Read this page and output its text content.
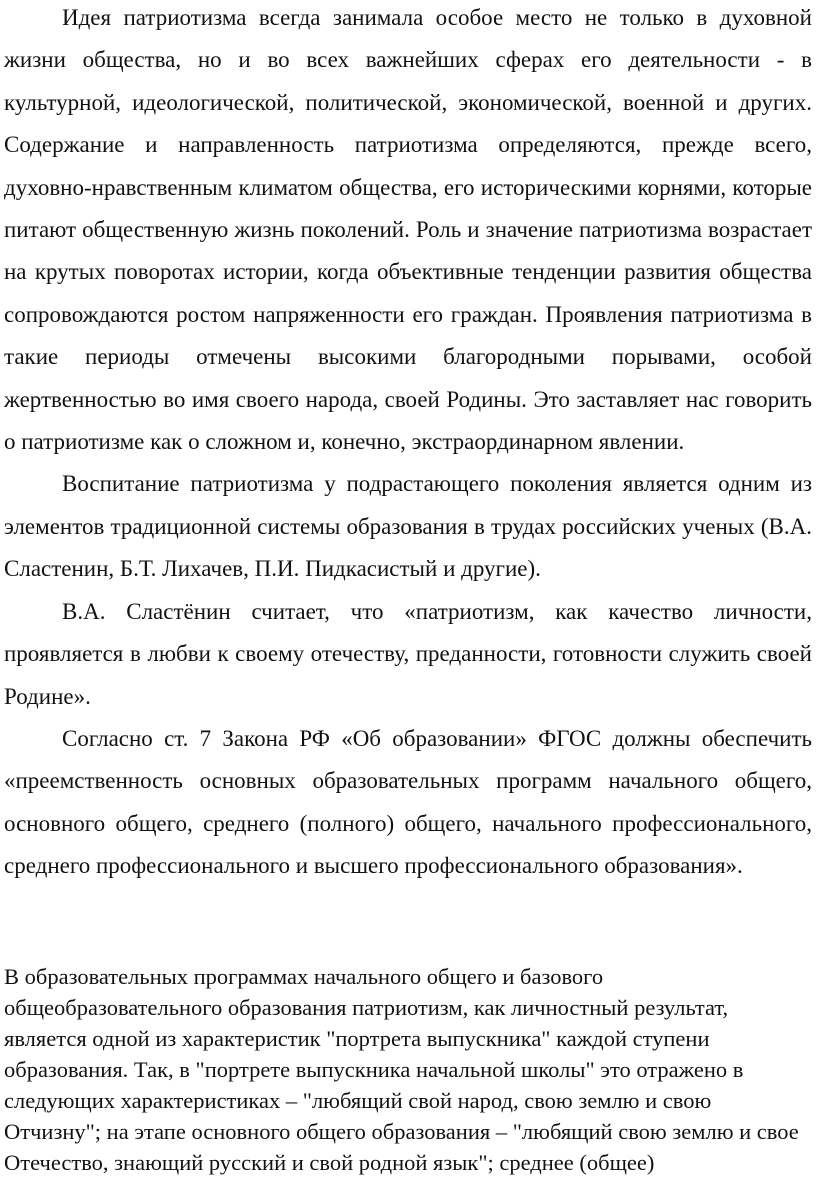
Идея патриотизма всегда занимала особое место не только в духовной жизни общества, но и во всех важнейших сферах его деятельности - в культурной, идеологической, политической, экономической, военной и других. Содержание и направленность патриотизма определяются, прежде всего, духовно-нравственным климатом общества, его историческими корнями, которые питают общественную жизнь поколений. Роль и значение патриотизма возрастает на крутых поворотах истории, когда объективные тенденции развития общества сопровождаются ростом напряженности его граждан. Проявления патриотизма в такие периоды отмечены высокими благородными порывами, особой жертвенностью во имя своего народа, своей Родины. Это заставляет нас говорить о патриотизме как о сложном и, конечно, экстраординарном явлении.

Воспитание патриотизма у подрастающего поколения является одним из элементов традиционной системы образования в трудах российских ученых (В.А. Сластенин, Б.Т. Лихачев, П.И. Пидкасистый и другие).

В.А. Сластёнин считает, что «патриотизм, как качество личности, проявляется в любви к своему отечеству, преданности, готовности служить своей Родине».

Согласно ст. 7 Закона РФ «Об образовании» ФГОС должны обеспечить «преемственность основных образовательных программ начального общего, основного общего, среднего (полного) общего, начального профессионального, среднего профессионального и высшего профессионального образования».

В образовательных программах начального общего и базового общеобразовательного образования патриотизм, как личностный результат, является одной из характеристик "портрета выпускника" каждой ступени образования. Так, в "портрете выпускника начальной школы" это отражено в следующих характеристиках – "любящий свой народ, свою землю и свою Отчизну"; на этапе основного общего образования – "любящий свою землю и свое Отечество, знающий русский и свой родной язык"; среднее (общее)
